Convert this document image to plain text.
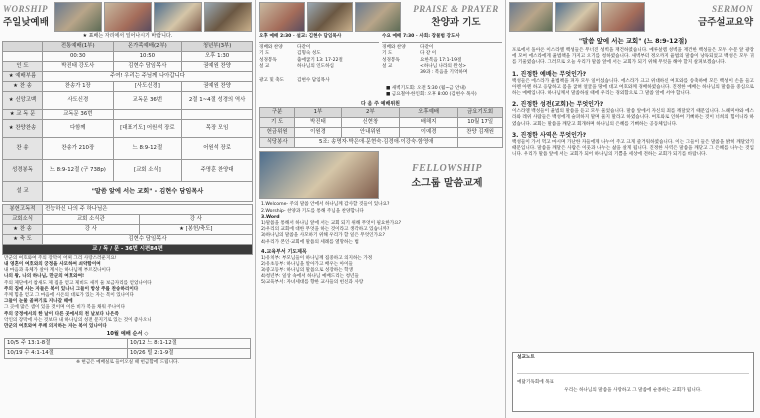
WORSHIP
주일낮예배
★ 표배는 자리에서 일어나시기 바랍니다.
	전통예배(1부)	온가족예배(2부)	청년부(3부)
	00:30	10:50	오후 1:30
인 도	박진태 강도사	김현수 담임목사	권예원 찬양
★ 예배부름	주여! 우리는 주님께 나아갑니다		
★ 찬 송	찬송가 1장	[사도신경]	권예원 찬양
★ 신앙고백	사도신경	교독문 36번	2절 1~4절 성경의 역사
★ 교 독 문	교독문 36번		
★ 찬양찬송	다함께	[대표기도] 어원석 장로	목장 모임
찬 송	찬송가 210장	느 8:9-12절	어원석 장로
성경봉독	느 8:9-12절 (구 738p)	[교회 소식]	주명훈 찬양대
설 교	"말씀 앞에 서는 교회" - 김현수 담임목사		
봉헌고독적	전능하신 나의 주 하나님은	
교회소식	교회 소식관	강 사
★ 찬 송	강 사	★ [봉헌/축도]
★ 축 도	김현수 담임목사	
교 / 독 / 문 - 36번 시편84편		
만군의 여호와여 주의 장막이 어찌 그리 사랑스러운지요!
내 영혼이 여호와의 궁정을 사모하여 쇠약함이여
내 마음과 육체가 살아 계시는 하나님께 부르짖나이다
나의 왕, 나의 하나님, 만군의 여호와여!
주의 제단에서 참새도 제 집을 얻고 제비도 새끼 둘 보금자리를 얻었나이다
주의 집에 사는 자들은 복이 있나니 그들이 항상 주를 찬송하리이다
주께 힘을 얻고 그 마음에 시온의 대로가 있는 자는 복이 있나이다
그들이 눈물 골짜기로 지나갈 때에
그 곳에 많은 샘이 있을 것이며 이른 비가 복을 채워 주나이다
주의 궁정에서의 한 날이 다른 곳에서의 천 날보다 나은즉
악인의 장막에 사는 것보다 내 하나님의 성전 문지기로 있는 것이 좋사오니
만군의 여호와여 주께 의지하는 자는 복이 있나이다
10월 예배 순서 ◇
10/5 주 13:1-8절	10/12 느 8:1-12절
10/19 수 4:1-14절	10/26 빌 2:1-9절
※ 현금은 예배실로 들어오실 때 헌금함에 드립니다.
PRAISE & PRAYER
찬양과 기도
오후 예배 2:30 · 설교: 김현수 담임목사
경배와 찬양	다같이
기 도	김형숙 성도
성경봉독	출애굽기 13: 17-22절
설 교	하나님의 인도하심
광고 및 축도	김현수 담임목사
수요 예배 7:30 · 사회: 장물범 강도사
경배와 찬양	다같이
기 도	다 같 이
성경봉독	요한복음 17:1-19절
설 교	<하나님 나라의 완성>
39과 : 복음을 기억하며
■ 새벽기도회: 오전 5:30 (월~금 안내)
■ 금요철야·한인회: 오후 8:00 (김현수 목사)
다 음 주 예배위원
구분	1부	2부	오후예배	금요기도회
기 도	박진태	신현창	배해지	10월 17일
헌금위원	이원경	안내위원	이예경	찬양 김재원
식당봉사	5조: 송명자·박은애·문현숙·김경애·이강숙·함영애			
FELLOWSHIP
소그룹 말씀교제
1.Welcome- 주의 말씀 안에서 하나님께 감사할 것들이 있나요?
2.Worship- 찬양과 기도를 통해 주님을 찬양합니다
3.Word
1)말씀을 통해서 하나님 앞에 서는 교회 되기 위해 무엇이 필요한가요?
2)우리의 교회에 대한 무엇을 하는 것이라고 생각하고 있습니까?
3)하나님의 말씀을 사모하기 위해 우리가 할 일은 무엇인가요?
4)우리가 본인·교회에 말씀의 세례를 열망하는 법
4.교육부서 기도제목
1)유치부: 부모님들이 하나님께 집중하고 의지하는 가정
2)유초등부: 하나님을 알아가고 배우는 아이들
3)중고등부: 하나님의 말씀으로 성장하는 학생
4)청년부: 일상 속에서 하나님 예배드리는 청년들
5)교육부서: 자녀세대를 향한 교사들의 헌신과 사랑
SERMON
금주설교요약
"말씀 앞에 서는 교회" (느 8:9-12절)
포로에서 돌아온 이스라엘 백성들은 무너진 성벽을 재건하였습니다. 예루살렘 성벽을 재건한 백성들은 모두 수문 앞 광장에 모여 에스라에게 율법책을 가지고 오기를 청하였습니다. 새벽부터 정오까지 율법의 말씀이 낭독되었고 백성은 모두 귀를 기울였습니다. 그러므로 오늘 우리가 말씀 앞에 서는 교회가 되기 위해 무엇을 해야 할지 살펴보겠습니다.
1. 진정한 예배는 무엇인가?
백성들은 에스라가 율법책을 펴자 모두 일어섰습니다. 에스라가 크고 위대하신 여호와를 송축하매 모든 백성이 손을 들고 아멘 아멘 하고 응답하고 몸을 굽혀 얼굴을 땅에 대고 여호와께 경배하였습니다. 진정한 예배는 하나님의 말씀을 중심으로 하는 예배입니다. 하나님께서 말씀하실 때에 우리는 경외함으로 그 말씀 앞에 서야 합니다.
2. 진정한 성전(교회)는 무엇인가?
이스라엘 백성들이 율법의 말씀을 듣고 모두 울었습니다. 말씀 앞에서 자신의 죄를 깨달았기 때문입니다. 느헤미야와 에스라와 레위 사람들은 백성에게 슬퍼하지 말며 울지 말라고 하였습니다. 여호와로 인하여 기뻐하는 것이 너희의 힘이니라 하였습니다. 교회는 말씀을 깨닫고 회개하며 하나님의 은혜를 기뻐하는 공동체입니다.
3. 진정한 사역은 무엇인가?
백성들이 가서 먹고 마시며 가난한 자들에게 나누어 주고 크게 즐거워하였습니다. 이는 그들이 들은 말씀을 밝히 깨달았기 때문입니다. 말씀을 깨달은 사람은 이웃과 나누는 삶을 살게 됩니다. 진정한 사역은 말씀을 깨닫고 그 은혜를 나누는 것입니다. 우리가 말씀 앞에 서는 교회가 되어 하나님의 기쁨을 세상에 전하는 교회가 되기를 바랍니다.
설교노트
예닮기독회에 목표
우리는 하나님의 말씀을 사랑하고 그 말씀에 순종하는 교회가 됩니다.
